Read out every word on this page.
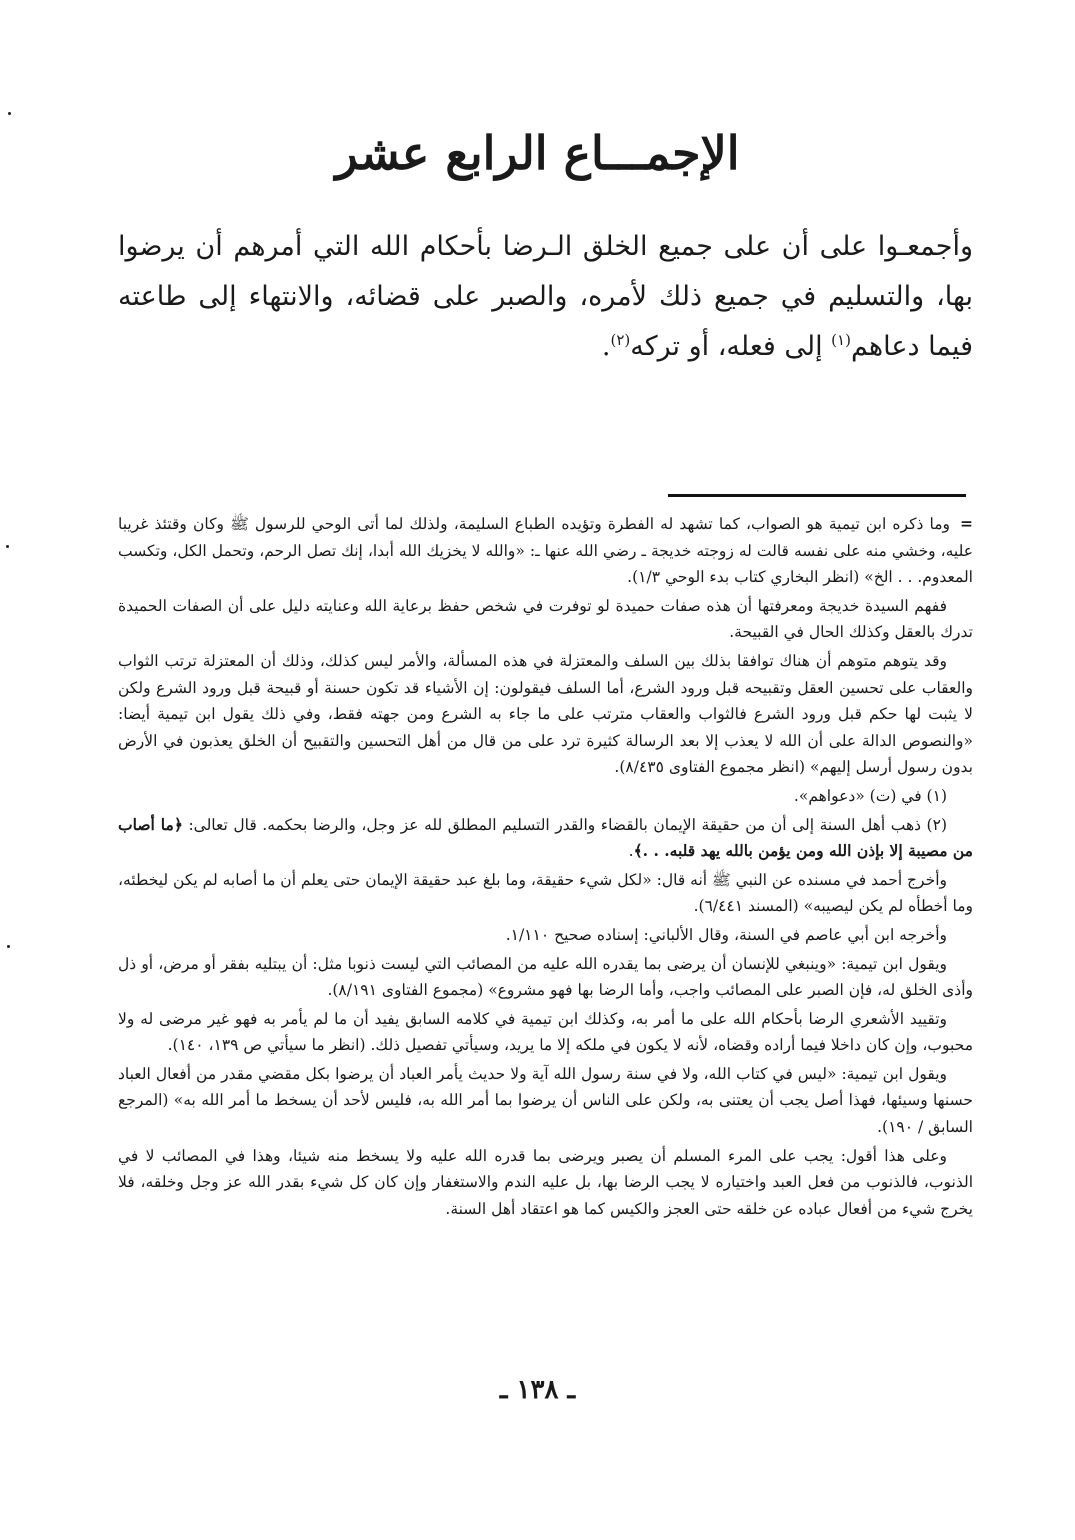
الإجمـــاع الرابع عشر

وأجمعـوا على أن على جميع الخلق الـرضا بأحكام الله التي أمرهم أن يرضوا بها، والتسليم في جميع ذلك لأمره، والصبر على قضائه، والانتهاء إلى طاعته فيما دعاهم$^{(١)}$ إلى فعله، أو تركه$^{(٢)}$.

=وما ذكره ابن تيمية هو الصواب، كما تشهد له الفطرة وتؤيده الطباع السليمة، ولذلك لما أتى الوحي للرسول ﷺ وكان وقتئذ غريبا عليه، وخشي منه على نفسه قالت له زوجته خديجة ـ رضي الله عنها ـ: «والله لا يخزيك الله أبدا، إنك تصل الرحم، وتحمل الكل، وتكسب المعدوم. . . الخ» (انظر البخاري كتاب بدء الوحي ١/٣).

ففهم السيدة خديجة ومعرفتها أن هذه صفات حميدة لو توفرت في شخص حفظ برعاية الله وعنايته دليل على أن الصفات الحميدة تدرك بالعقل وكذلك الحال في القبيحة.

وقد يتوهم متوهم أن هناك توافقا بذلك بين السلف والمعتزلة في هذه المسألة، والأمر ليس كذلك، وذلك أن المعتزلة ترتب الثواب والعقاب على تحسين العقل وتقبيحه قبل ورود الشرع، أما السلف فيقولون: إن الأشياء قد تكون حسنة أو قبيحة قبل ورود الشرع ولكن لا يثبت لها حكم قبل ورود الشرع فالثواب والعقاب مترتب على ما جاء به الشرع ومن جهته فقط، وفي ذلك يقول ابن تيمية أيضا: «والنصوص الدالة على أن الله لا يعذب إلا بعد الرسالة كثيرة ترد على من قال من أهل التحسين والتقبيح أن الخلق يعذبون في الأرض بدون رسول أرسل إليهم» (انظر مجموع الفتاوى ٨/٤٣٥).

(١) في (ت) «دعواهم».

(٢) ذهب أهل السنة إلى أن من حقيقة الإيمان بالقضاء والقدر التسليم المطلق لله عز وجل، والرضا بحكمه. قال تعالى: ﴿ما أصاب من مصيبة إلا بإذن الله ومن يؤمن بالله يهد قلبه. . .﴾.

وأخرج أحمد في مسنده عن النبي ﷺ أنه قال: «لكل شيء حقيقة، وما بلغ عبد حقيقة الإيمان حتى يعلم أن ما أصابه لم يكن ليخطئه، وما أخطأه لم يكن ليصيبه» (المسند ٦/٤٤١).

وأخرجه ابن أبي عاصم في السنة، وقال الألباني: إسناده صحيح ١/١١٠.

ويقول ابن تيمية: «وينبغي للإنسان أن يرضى بما يقدره الله عليه من المصائب التي ليست ذنوبا مثل: أن يبتليه بفقر أو مرض، أو ذل وأذى الخلق له، فإن الصبر على المصائب واجب، وأما الرضا بها فهو مشروع» (مجموع الفتاوى ٨/١٩١).

وتقييد الأشعري الرضا بأحكام الله على ما أمر به، وكذلك ابن تيمية في كلامه السابق يفيد أن ما لم يأمر به فهو غير مرضى له ولا محبوب، وإن كان داخلا فيما أراده وقضاه، لأنه لا يكون في ملكه إلا ما يريد، وسيأتي تفصيل ذلك. (انظر ما سيأتي ص ١٣٩، ١٤٠).

ويقول ابن تيمية: «ليس في كتاب الله، ولا في سنة رسول الله آية ولا حديث يأمر العباد أن يرضوا بكل مقضي مقدر من أفعال العباد حسنها وسيئها، فهذا أصل يجب أن يعتنى به، ولكن على الناس أن يرضوا بما أمر الله به، فليس لأحد أن يسخط ما أمر الله به» (المرجع السابق / ١٩٠).

وعلى هذا أقول: يجب على المرء المسلم أن يصبر ويرضى بما قدره الله عليه ولا يسخط منه شيئا، وهذا في المصائب لا في الذنوب، فالذنوب من فعل العبد واختياره لا يجب الرضا بها، بل عليه الندم والاستغفار وإن كان كل شيء بقدر الله عز وجل وخلقه، فلا يخرج شيء من أفعال عباده عن خلقه حتى العجز والكيس كما هو اعتقاد أهل السنة.

ـ ١٣٨ ـ
